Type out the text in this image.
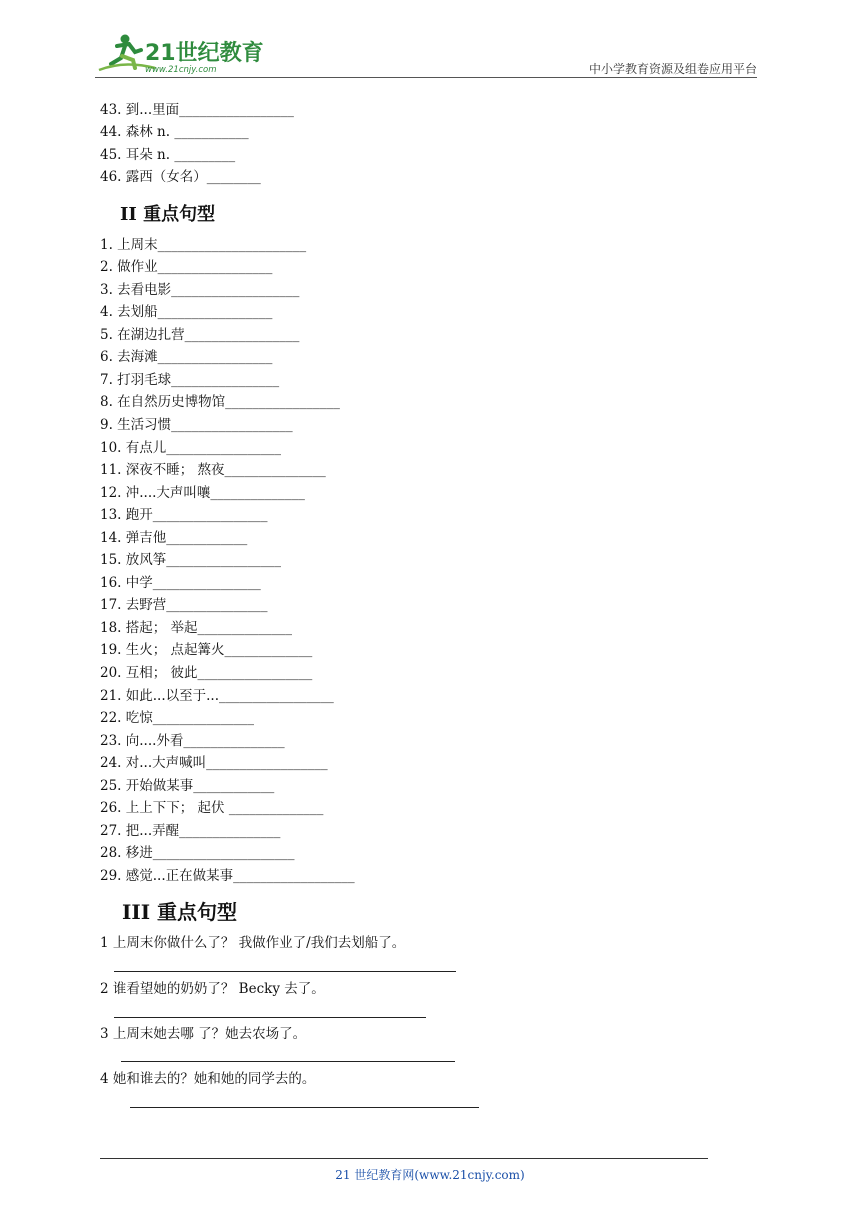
21世纪教育
www.21cnjy.com	中小学教育资源及组卷应用平台
43. 到...里面_________________
44. 森林 n. ___________
45. 耳朵 n. _________
46. 露西（女名）________
II 重点句型
1. 上周末______________________
2. 做作业_________________
3. 去看电影___________________
4. 去划船_________________
5. 在湖边扎营_________________
6. 去海滩_________________
7. 打羽毛球________________
8. 在自然历史博物馆_________________
9. 生活习惯__________________
10. 有点儿_________________
11. 深夜不睡； 熬夜_______________
12. 冲....大声叫嚷______________
13. 跑开_________________
14. 弹吉他____________
15. 放风筝_________________
16. 中学________________
17. 去野营_______________
18. 搭起； 举起______________
19. 生火； 点起篝火_____________
20. 互相； 彼此_________________
21. 如此...以至于..._________________
22. 吃惊_______________
23. 向....外看_______________
24. 对...大声喊叫__________________
25. 开始做某事____________
26. 上上下下； 起伏 ______________
27. 把...弄醒_______________
28. 移进_____________________
29. 感觉...正在做某事__________________
III 重点句型
1 上周末你做什么了？ 我做作业了/我们去划船了。
2 谁看望她的奶奶了？ Becky 去了。
3 上周末她去哪 了？她去农场了。
4 她和谁去的？她和她的同学去的。
21 世纪教育网(www.21cnjy.com)
